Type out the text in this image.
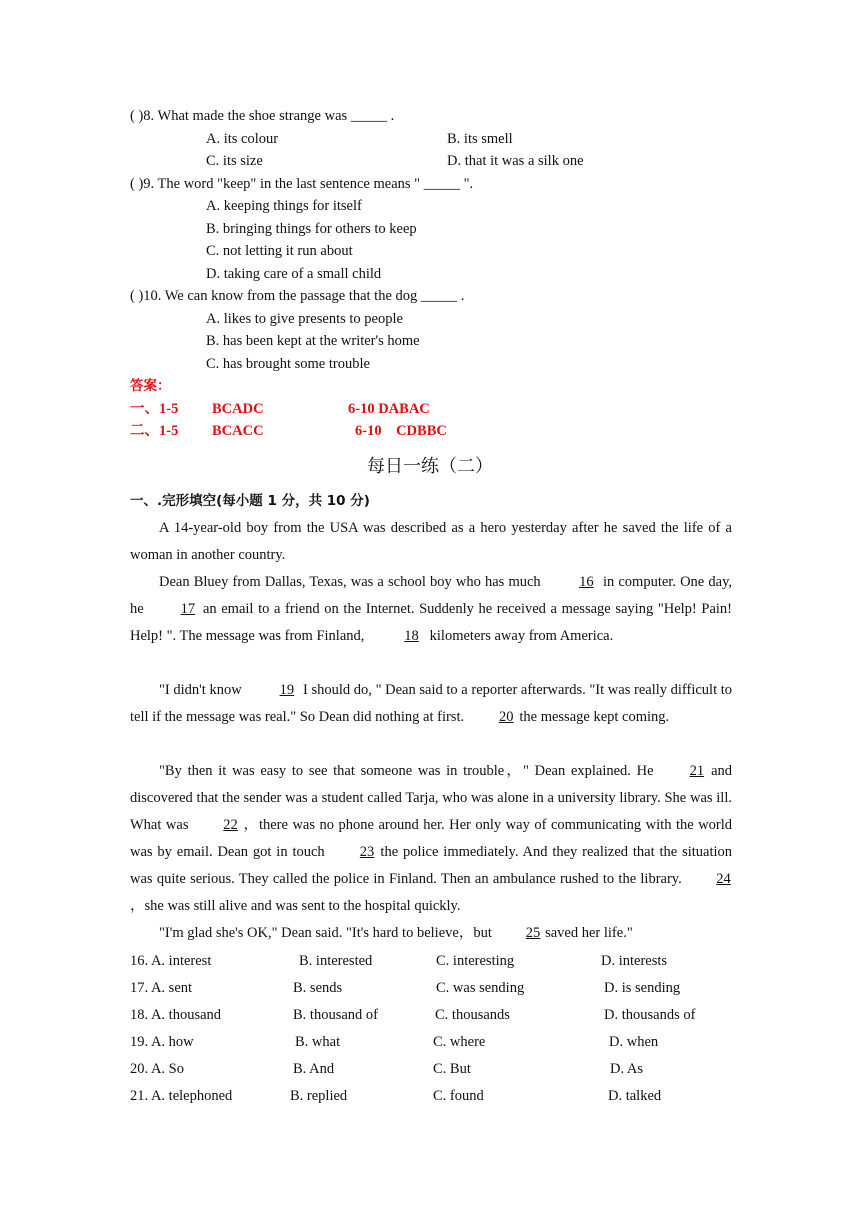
( )8. What made the shoe strange was _____ .
A. its colour	B. its smell
C. its size	D. that it was a silk one
( )9. The word "keep" in the last sentence means " _____ ".
A. keeping things for itself
B. bringing things for others to keep
C. not letting it run about
D. taking care of a small child
( )10. We can know from the passage that the dog _____ .
A. likes to give presents to people
B. has been kept at the writer's home
C. has brought some trouble
答案：
一、1-5 BCADC	6-10 DABAC
二、1-5 BCACC	6-10    CDBBC
每日一练（二）
一、.完形填空(每小题 1 分，共 10 分)
A 14-year-old boy from the USA was described as a hero yesterday after he saved the life of a woman in another country.
Dean Bluey from Dallas, Texas, was a school boy who has much	16 in computer. One day, he	17 an email to a friend on the Internet. Suddenly he received a message saying "Help! Pain! Help! ". The message was from Finland,	18 kilometers away from America.
"I didn't know	19 I should do, " Dean said to a reporter afterwards. "It was really difficult to tell if the message was real." So Dean did nothing at first. 20 the message kept coming.
"By then it was easy to see that someone was in trouble，" Dean explained. He 21 and discovered that the sender was a student called Tarja, who was alone in a university library. She was ill. What was 22 ，there was no phone around her. Her only way of communicating with the world was by email. Dean got in touch 23 the police immediately. And they realized that the situation was quite serious. They called the police in Finland. Then an ambulance rushed to the library. 24 ，she was still alive and was sent to the hospital quickly.
"I'm glad she's OK," Dean said. "It's hard to believe，but 25 saved her life."
16. A. interest	B. interested	C. interesting	D. interests
17. A. sent	B. sends	C. was sending	D. is sending
18. A. thousand	B. thousand of	C. thousands	D. thousands of
19. A. how	B. what	C. where	D. when
20. A. So	B. And	C. But	D. As
21. A. telephoned	B. replied	C. found	D. talked
